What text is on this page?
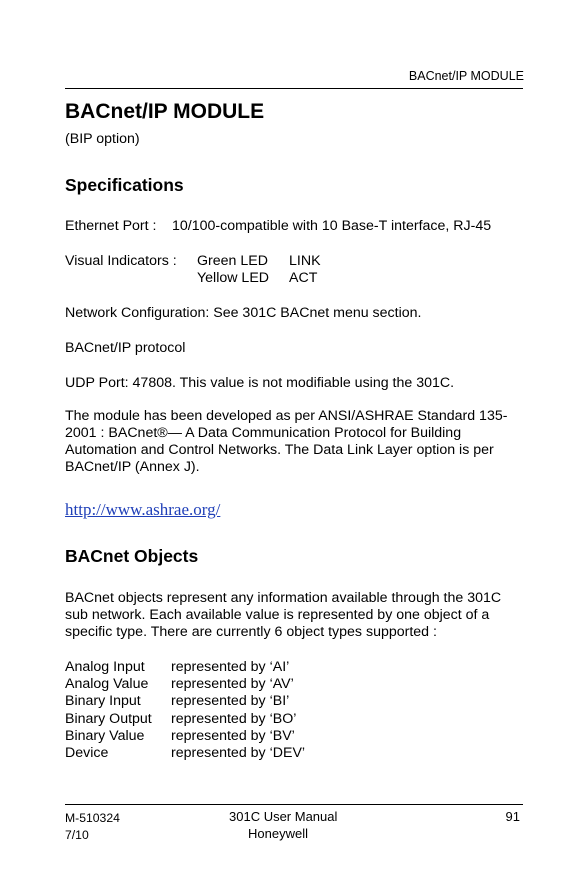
BACnet/IP MODULE
BACnet/IP MODULE
(BIP option)
Specifications
Ethernet Port : 10/100-compatible with 10 Base-T interface, RJ-45
Visual Indicators : Green LED LINK
Yellow LED ACT
Network Configuration: See 301C BACnet menu section.
BACnet/IP protocol
UDP Port: 47808. This value is not modifiable using the 301C.
The module has been developed as per ANSI/ASHRAE Standard 135-2001 : BACnet®— A Data Communication Protocol for Building Automation and Control Networks. The Data Link Layer option is per BACnet/IP (Annex J).
http://www.ashrae.org/
BACnet Objects
BACnet objects represent any information available through the 301C sub network. Each available value is represented by one object of a specific type. There are currently 6 object types supported :
Analog Input represented by ‘AI’
Analog Value represented by ‘AV’
Binary Input represented by ‘BI’
Binary Output represented by ‘BO’
Binary Value represented by ‘BV’
Device	represented by ‘DEV’
M-510324
7/10
301C User Manual
Honeywell
91
